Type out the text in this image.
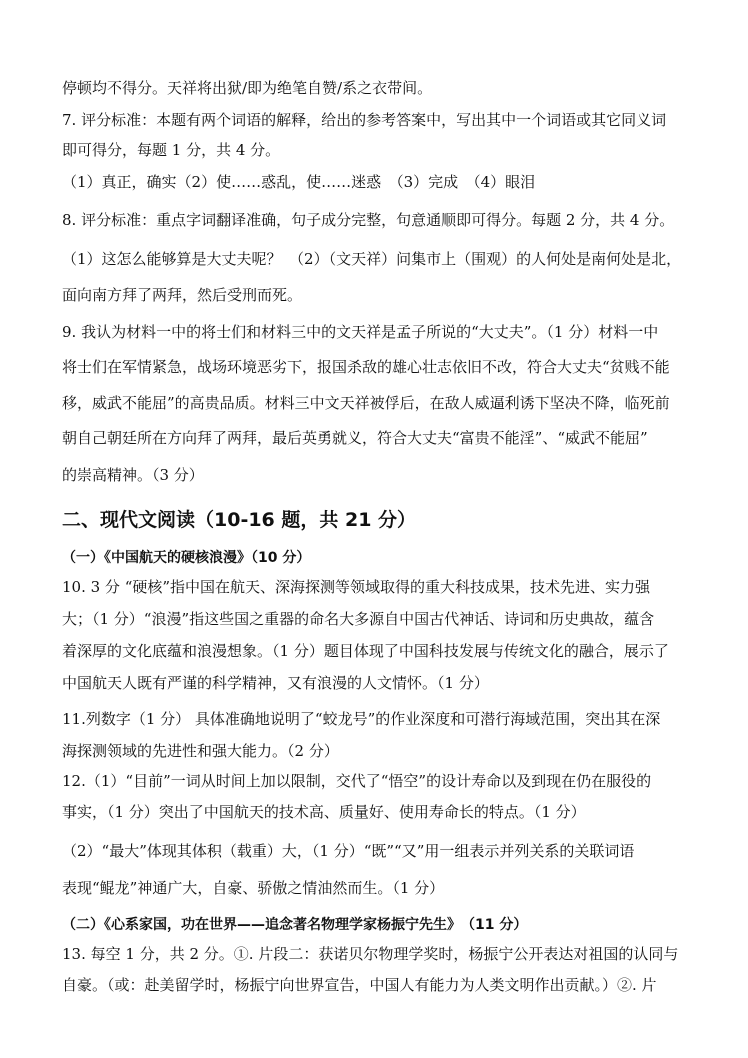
停顿均不得分。天祥将出狱/即为绝笔自赞/系之衣带间。
7. 评分标准：本题有两个词语的解释，给出的参考答案中，写出其中一个词语或其它同义词
即可得分，每题 1 分，共 4 分。
（1）真正，确实（2）使……惑乱，使……迷惑　（3）完成　（4）眼泪
8. 评分标准：重点字词翻译准确，句子成分完整，句意通顺即可得分。每题 2 分，共 4 分。
（1）这怎么能够算是大丈夫呢？　（2）（文天祥）问集市上（围观）的人何处是南何处是北，
面向南方拜了两拜，然后受刑而死。
9. 我认为材料一中的将士们和材料三中的文天祥是孟子所说的“大丈夫”。（1 分）材料一中
将士们在军情紧急，战场环境恶劣下，报国杀敌的雄心壮志依旧不改，符合大丈夫“贫贱不能
移，威武不能屈”的高贵品质。材料三中文天祥被俘后，在敌人威逼利诱下坚决不降，临死前
朝自己朝廷所在方向拜了两拜，最后英勇就义，符合大丈夫“富贵不能淫”、“威武不能屈”
的崇高精神。（3 分）
二、现代文阅读（10-16 题，共 21 分）
（一）《中国航天的硬核浪漫》（10 分）
10. 3 分 “硬核”指中国在航天、深海探测等领域取得的重大科技成果，技术先进、实力强
大；（1 分）“浪漫”指这些国之重器的命名大多源自中国古代神话、诗词和历史典故，蕴含
着深厚的文化底蕴和浪漫想象。（1 分）题目体现了中国科技发展与传统文化的融合，展示了
中国航天人既有严谨的科学精神，又有浪漫的人文情怀。（1 分）
11.列数字（1 分） 具体准确地说明了“蛟龙号”的作业深度和可潜行海域范围，突出其在深
海探测领域的先进性和强大能力。（2 分）
12.（1）“目前”一词从时间上加以限制，交代了“悟空”的设计寿命以及到现在仍在服役的
事实，（1 分）突出了中国航天的技术高、质量好、使用寿命长的特点。（1 分）
（2）“最大”体现其体积（载重）大，（1 分）“既”“又”用一组表示并列关系的关联词语
表现“鲲龙”神通广大，自豪、骄傲之情油然而生。（1 分）
（二）《心系家国，功在世界——追念著名物理学家杨振宁先生》　（11 分）
13. 每空 1 分，共 2 分。①. 片段二：获诺贝尔物理学奖时，杨振宁公开表达对祖国的认同与
自豪。（或：赴美留学时，杨振宁向世界宣告，中国人有能力为人类文明作出贡献。）②. 片
